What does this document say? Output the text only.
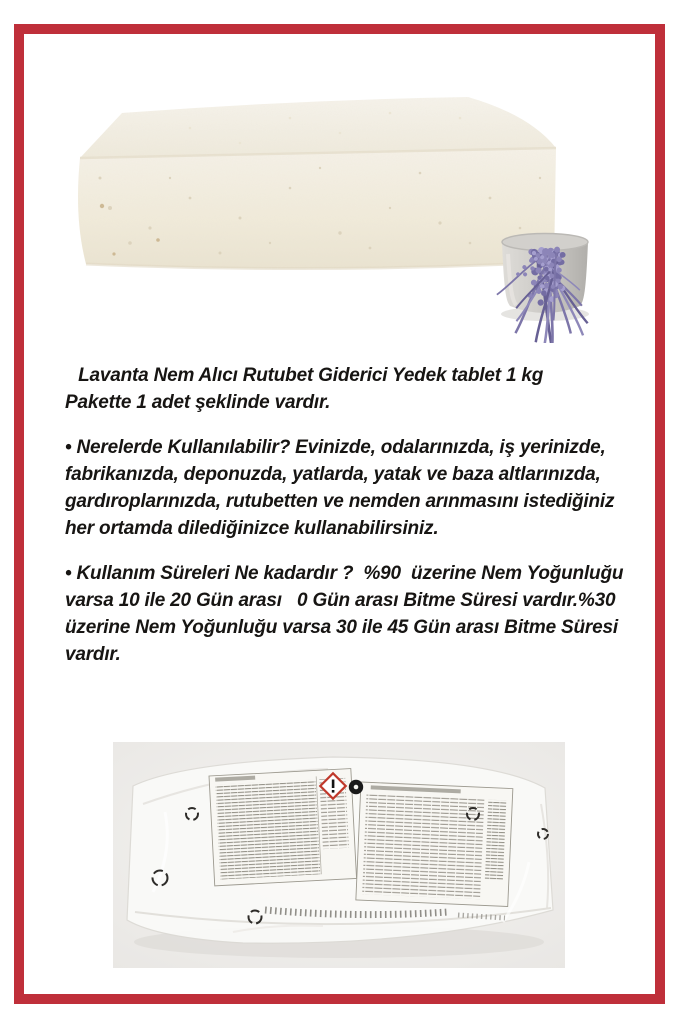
Lavanta Nem Alıcı Rutubet Giderici Yedek tablet 1 kg
Pakette 1 adet şeklinde vardır.
• Nerelerde Kullanılabilir? Evinizde, odalarınızda, iş yerinizde,
fabrikanızda, deponuzda, yatlarda, yatak ve baza altlarınızda,
gardıroplarınızda, rutubetten ve nemden arınmasını istediğiniz
her ortamda dilediğinizce kullanabilirsiniz.
• Kullanım Süreleri Ne kadardır ?  %90  üzerine Nem Yoğunluğu
varsa 10 ile 20 Gün arası   0 Gün arası Bitme Süresi vardır.%30
üzerine Nem Yoğunluğu varsa 30 ile 45 Gün arası Bitme Süresi
vardır.
